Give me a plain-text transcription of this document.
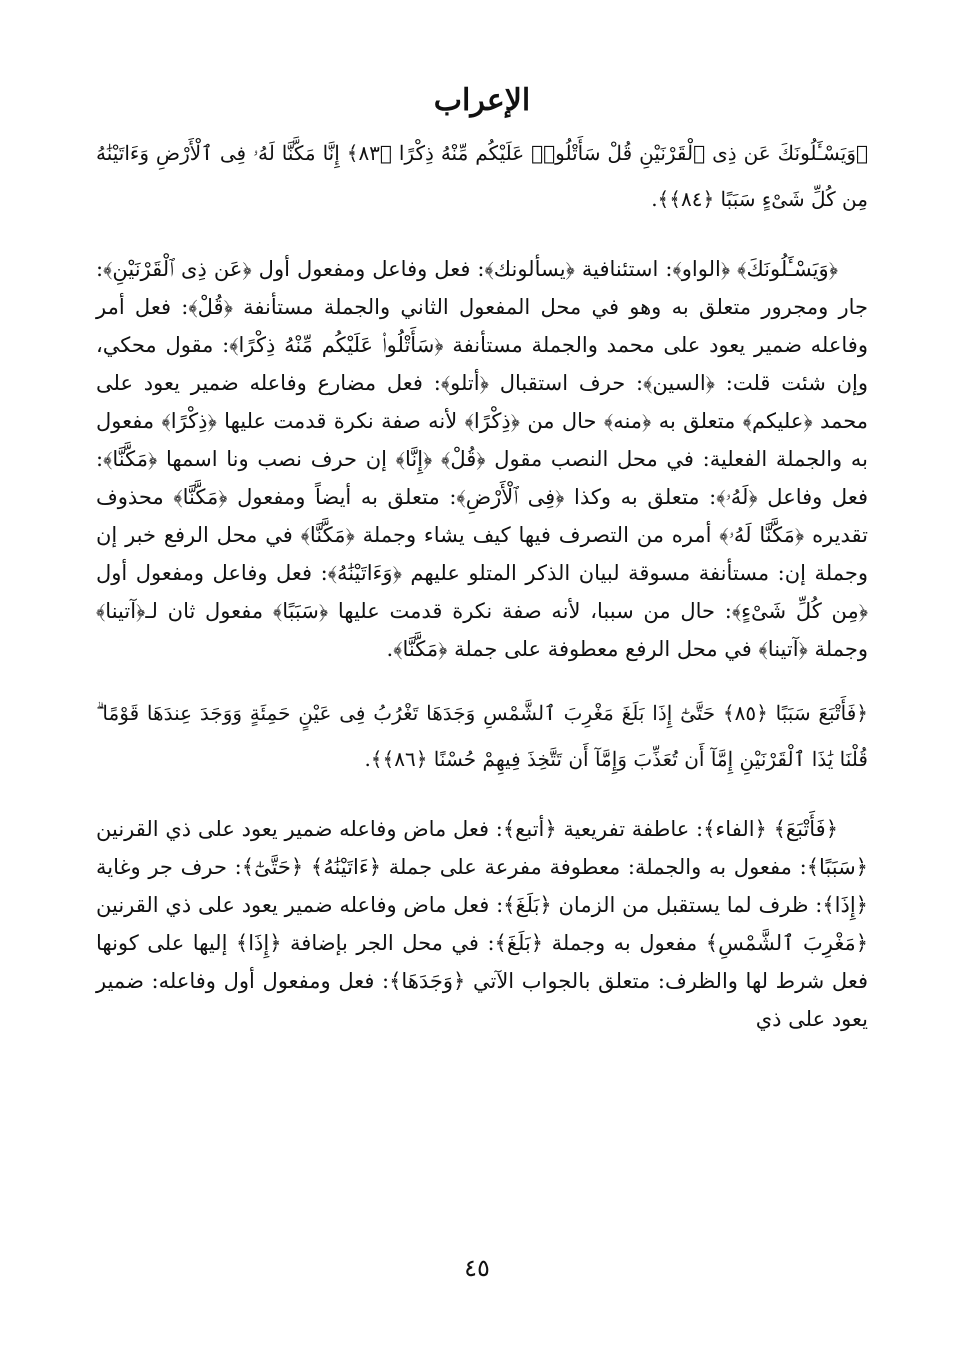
الإعراب

﴿وَيَسْـَٔلُونَكَ عَن ذِى ٱلْقَرْنَيْنِ قُلْ سَأَتْلُوا۟ عَلَيْكُم مِّنْهُ ذِكْرًا ﴿٨٣﴾ إِنَّا مَكَّنَّا لَهُۥ فِى ٱلْأَرْضِ وَءَاتَيْنَٰهُ مِن كُلِّ شَىْءٍ سَبَبًا ﴿٨٤﴾﴾.

﴿وَيَسْـَٔلُونَكَ﴾ ﴿الواو﴾: استئنافية ﴿يسألونك﴾: فعل وفاعل ومفعول أول ﴿عَن ذِى ٱلْقَرْنَيْنِ﴾: جار ومجرور متعلق به وهو في محل المفعول الثاني والجملة مستأنفة ﴿قُلْ﴾: فعل أمر وفاعله ضمير يعود على محمد والجملة مستأنفة ﴿سَأَتْلُوا۟ عَلَيْكُم مِّنْهُ ذِكْرًا﴾: مقول محكي، وإن شئت قلت: ﴿السين﴾: حرف استقبال ﴿أتلو﴾: فعل مضارع وفاعله ضمير يعود على محمد ﴿عليكم﴾ متعلق به ﴿منه﴾ حال من ﴿ذِكْرًا﴾ لأنه صفة نكرة قدمت عليها ﴿ذِكْرًا﴾ مفعول به والجملة الفعلية: في محل النصب مقول ﴿قُلْ﴾ ﴿إِنَّا﴾ إن حرف نصب ونا اسمها ﴿مَكَّنَّا﴾: فعل وفاعل ﴿لَهُۥ﴾: متعلق به وكذا ﴿فِى ٱلْأَرْضِ﴾: متعلق به أيضاً ومفعول ﴿مَكَّنَّا﴾ محذوف تقديره ﴿مَكَّنَّا لَهُۥ﴾ أمره من التصرف فيها كيف يشاء وجملة ﴿مَكَّنَّا﴾ في محل الرفع خبر إن وجملة إن: مستأنفة مسوقة لبيان الذكر المتلو عليهم ﴿وَءَاتَيْنَٰهُ﴾: فعل وفاعل ومفعول أول ﴿مِن كُلِّ شَىْءٍ﴾: حال من سببا، لأنه صفة نكرة قدمت عليها ﴿سَبَبًا﴾ مفعول ثان لـ﴿آتينا﴾ وجملة ﴿آتينا﴾ في محل الرفع معطوفة على جملة ﴿مَكَّنَّا﴾.

﴿فَأَتْبَعَ سَبَبًا ﴿٨٥﴾ حَتَّىٰٓ إِذَا بَلَغَ مَغْرِبَ ٱلشَّمْسِ وَجَدَهَا تَغْرُبُ فِى عَيْنٍ حَمِئَةٍ وَوَجَدَ عِندَهَا قَوْمًا ۗ قُلْنَا يَٰذَا ٱلْقَرْنَيْنِ إِمَّآ أَن تُعَذِّبَ وَإِمَّآ أَن تَتَّخِذَ فِيهِمْ حُسْنًا ﴿٨٦﴾﴾.

﴿فَأَتْبَعَ﴾ ﴿الفاء﴾: عاطفة تفريعية ﴿أتبع﴾: فعل ماض وفاعله ضمير يعود على ذي القرنين ﴿سَبَبًا﴾: مفعول به والجملة: معطوفة مفرعة على جملة ﴿ءَاتَيْنَٰهُ﴾ ﴿حَتَّىٰٓ﴾: حرف جر وغاية ﴿إِذَا﴾: ظرف لما يستقبل من الزمان ﴿بَلَغَ﴾: فعل ماض وفاعله ضمير يعود على ذي القرنين ﴿مَغْرِبَ ٱلشَّمْسِ﴾ مفعول به وجملة ﴿بَلَغَ﴾: في محل الجر بإضافة ﴿إِذَا﴾ إليها على كونها فعل شرط لها والظرف: متعلق بالجواب الآتي ﴿وَجَدَهَا﴾: فعل ومفعول أول وفاعله: ضمير يعود على ذي

٤٥
